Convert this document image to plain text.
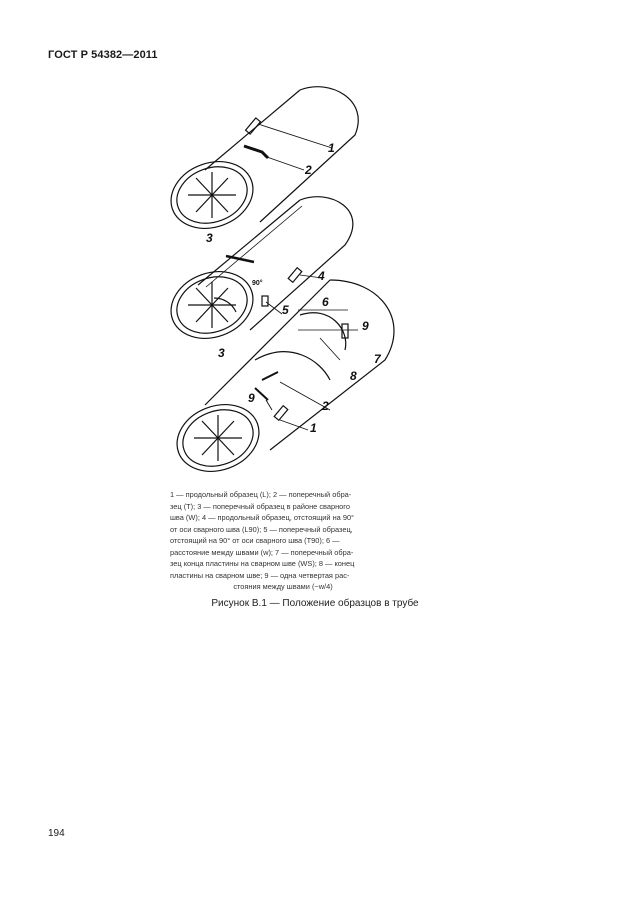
ГОСТ Р 54382—2011
1
2
3
4
5
90°
6
9
7
8
3
9
2
1

1 — продольный образец (L); 2 — поперечный обра-

зец (T); 3 — поперечный образец в районе сварного

шва (W); 4 — продольный образец, отстоящий на 90°

от оси сварного шва (L90); 5 — поперечный образец,

отстоящий на 90° от оси сварного шва (T90); 6 —

расстояние между швами (w); 7 — поперечный обра-

зец конца пластины на сварном шве (WS); 8 — конец

пластины на сварном шве; 9 — одна четвертая рас-

стояния между швами (~w/4)

Рисунок В.1 — Положение образцов в трубе
194
